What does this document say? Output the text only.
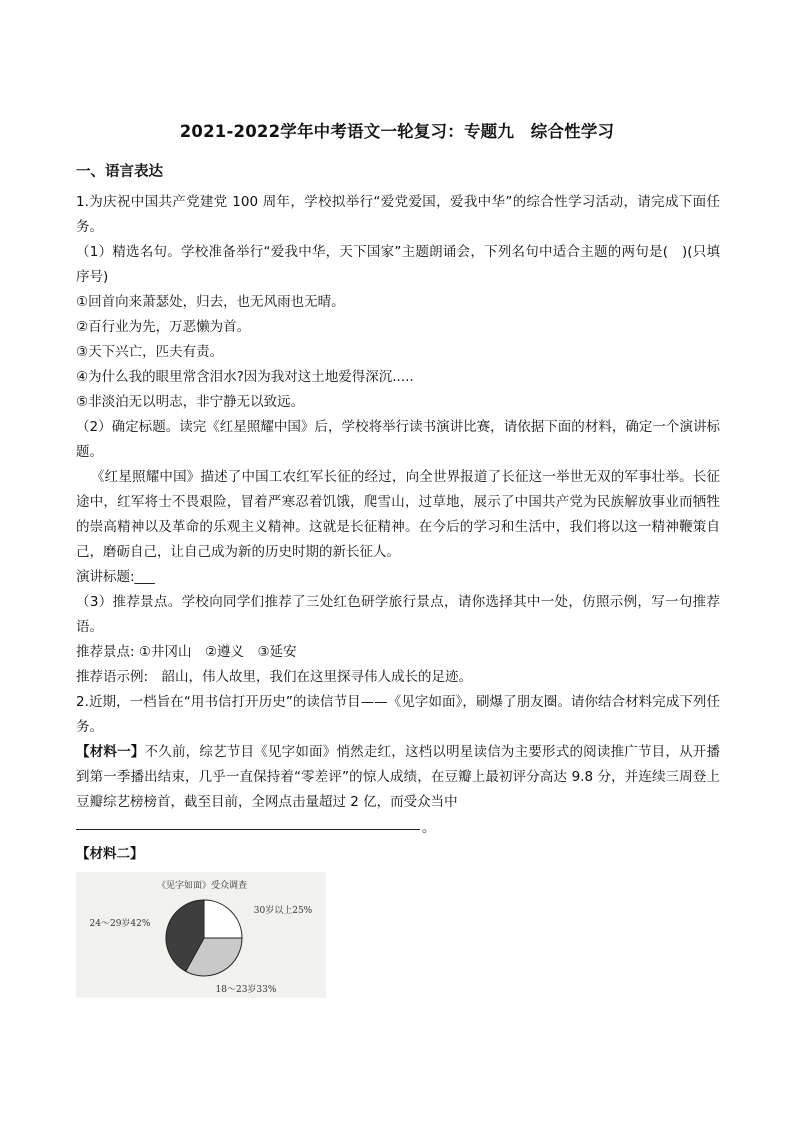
2021-2022学年中考语文一轮复习：专题九　综合性学习
一、语言表达
1.为庆祝中国共产党建党 100 周年，学校拟举行“爱党爱国，爱我中华”的综合性学习活动，请完成下面任务。
（1）精选名句。学校准备举行“爱我中华，天下国家”主题朗诵会，下列名句中适合主题的两句是(　)(只填序号)
①回首向来萧瑟处，归去，也无风雨也无晴。
②百行业为先，万恶懒为首。
③天下兴亡，匹夫有责。
④为什么我的眼里常含泪水?因为我对这土地爱得深沉.....
⑤非淡泊无以明志，非宁静无以致远。
（2）确定标题。读完《红星照耀中国》后，学校将举行读书演讲比赛，请依据下面的材料，确定一个演讲标题。
《红星照耀中国》描述了中国工农红军长征的经过，向全世界报道了长征这一举世无双的军事壮举。长征途中，红军将士不畏艰险，冒着严寒忍着饥饿，爬雪山，过草地，展示了中国共产党为民族解放事业而牺牲的崇高精神以及革命的乐观主义精神。这就是长征精神。在今后的学习和生活中，我们将以这一精神鞭策自己，磨砺自己，让自己成为新的历史时期的新长征人。
演讲标题:___
（3）推荐景点。学校向同学们推荐了三处红色研学旅行景点，请你选择其中一处，仿照示例，写一句推荐语。
推荐景点: ①井冈山　②遵义　③延安
推荐语示例:　韶山，伟人故里，我们在这里探寻伟人成长的足迹。
2.近期，一档旨在“用书信打开历史”的读信节目——《见字如面》，刷爆了朋友圈。请你结合材料完成下列任务。
【材料一】不久前，综艺节目《见字如面》悄然走红，这档以明星读信为主要形式的阅读推广节目，从开播到第一季播出结束，几乎一直保持着“零差评”的惊人成绩，在豆瓣上最初评分高达 9.8 分，并连续三周登上豆瓣综艺榜榜首，截至目前，全网点击量超过 2 亿，而受众当中
。
【材料二】
《见字如面》受众调查
30岁以上25%
18～23岁33%
24～29岁42%
